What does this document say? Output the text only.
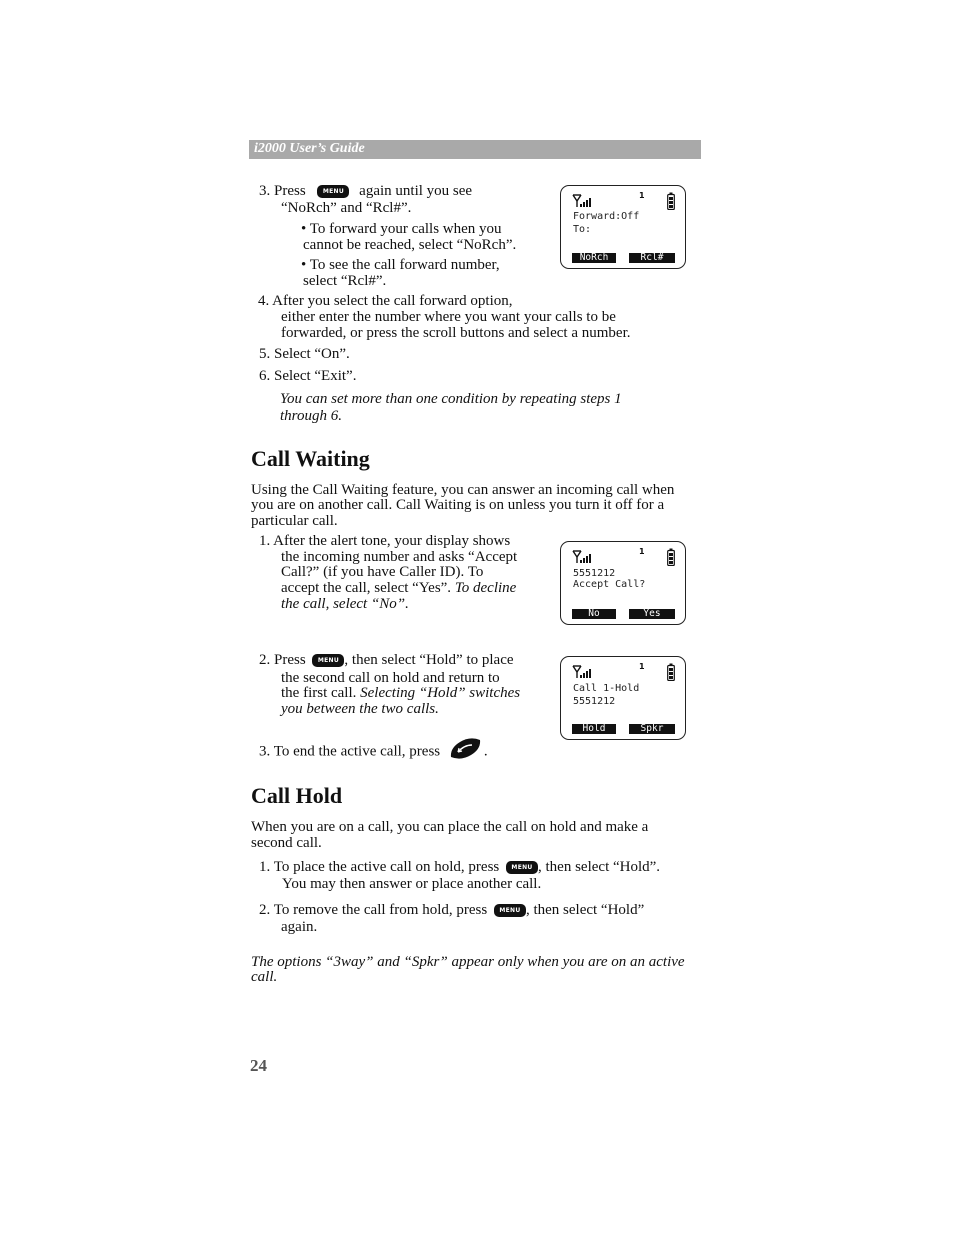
i2000 User’s Guide
3. Press	MENU again until you see
“NoRch” and “Rcl#”.
• To forward your calls when you
cannot be reached, select “NoRch”.
• To see the call forward number,
select “Rcl#”.
4. After you select the call forward option,
either enter the number where you want your calls to be
forwarded, or press the scroll buttons and select a number.
5. Select “On”.
6. Select “Exit”.
You can set more than one condition by repeating steps 1
through 6.
1
Forward:Off
To:
NoRch	Rcl#
Call Waiting
Using the Call Waiting feature, you can answer an incoming call when
you are on another call. Call Waiting is on unless you turn it off for a
particular call.
1. After the alert tone, your display shows
the incoming number and asks “Accept
Call?” (if you have Caller ID). To
accept the call, select “Yes”. To decline
the call, select “No”.
1
5551212
Accept Call?
No	Yes
2. Press MENU , then select “Hold” to place
the second call on hold and return to
the first call. Selecting “Hold” switches
you between the two calls.
1
Call 1-Hold
5551212
Hold	Spkr
3. To end the active call, press	.
Call Hold
When you are on a call, you can place the call on hold and make a
second call.
1. To place the active call on hold, press MENU , then select “Hold”.
You may then answer or place another call.
2. To remove the call from hold, press MENU , then select “Hold”
again.
The options “3way” and “Spkr” appear only when you are on an active
call.
24
